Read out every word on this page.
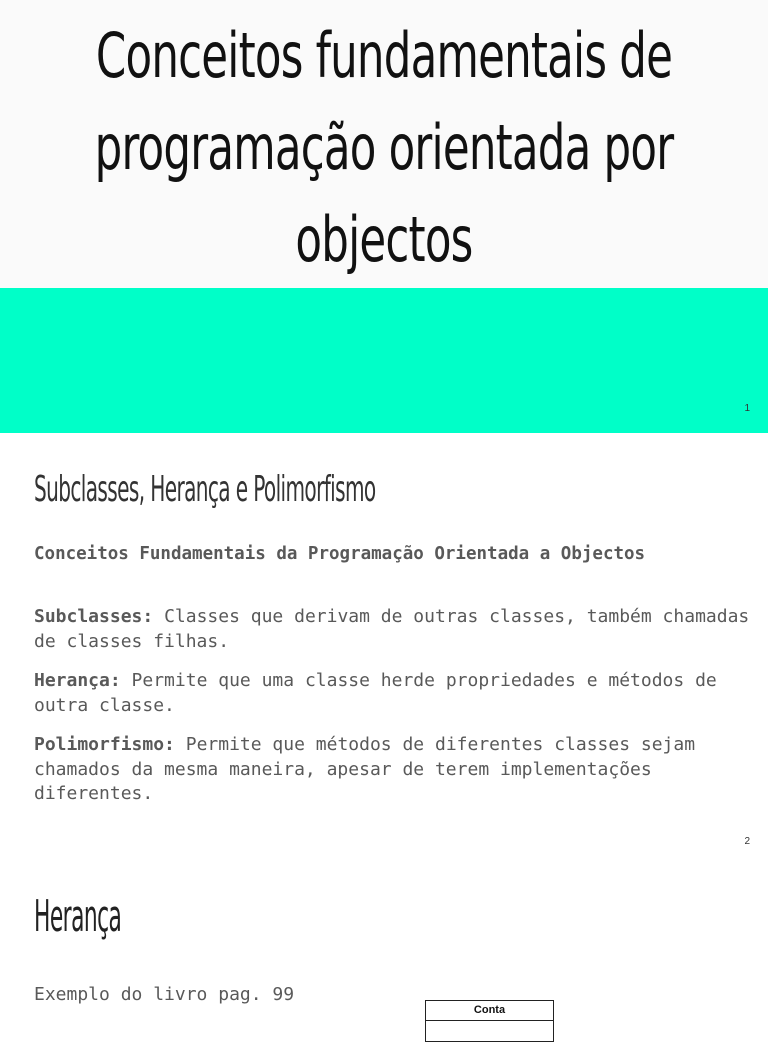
Conceitos fundamentais de
programação orientada por
objectos
1
Subclasses, Herança e Polimorfismo
Conceitos Fundamentais da Programação Orientada a Objectos
Subclasses: Classes que derivam de outras classes, também chamadas de classes filhas.
Herança: Permite que uma classe herde propriedades e métodos de outra classe.
Polimorfismo: Permite que métodos de diferentes classes sejam chamados da mesma maneira, apesar de terem implementações diferentes.
2
Herança
Exemplo do livro pag. 99
Conta
